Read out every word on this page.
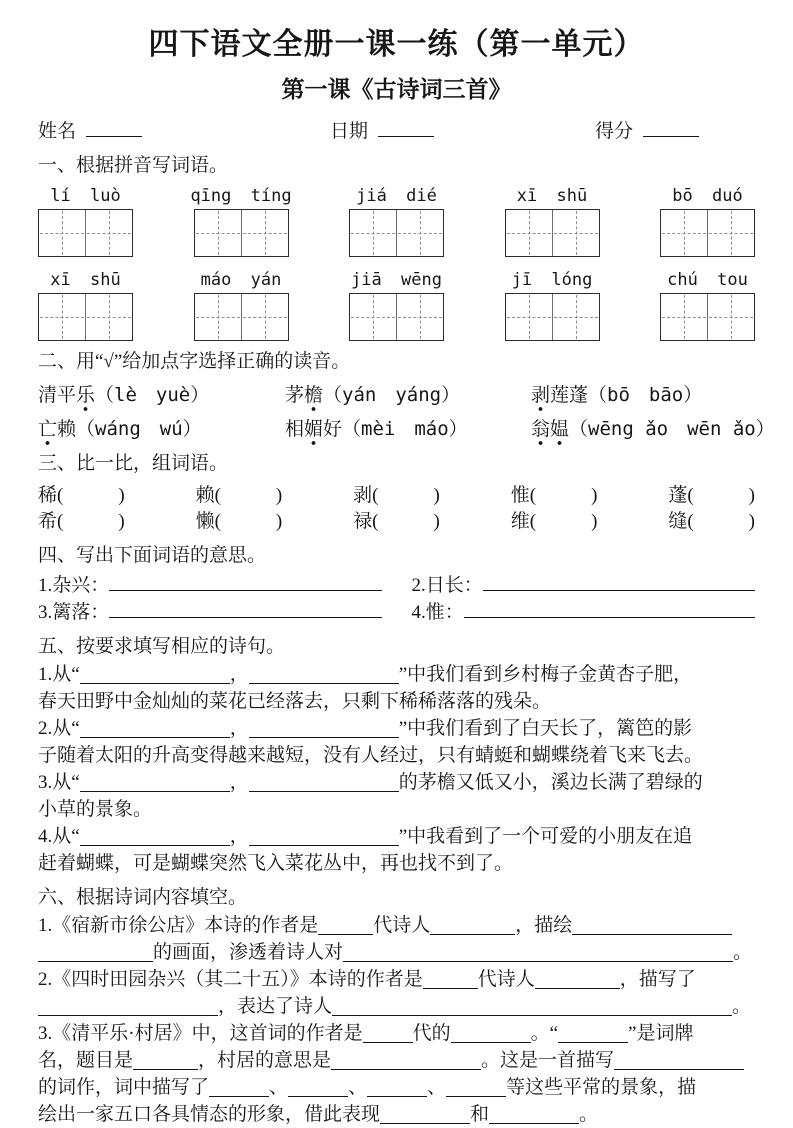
四下语文全册一课一练（第一单元）
第一课《古诗词三首》
姓名	日期	得分
一、根据拼音写词语。
lí luò	qīng tíng	jiá dié	xī shū	bō duó
xī shū	máo yán	jiā wēng	jī lóng	chú tou
二、用“√”给加点字选择正确的读音。
清平乐（lè　yuè）	茅檐（yán　yáng）	剥莲蓬（bō　bāo）
亡赖（wáng　wú）	相媚好（mèi　máo）	翁媪（wēng ǎo　wēn ǎo）
三、比一比，组词语。
稀(	)	赖(	)	剥(	)	惟(	)	蓬(	)
希(	)	懒(	)	禄(	)	维(	)	缝(	)
四、写出下面词语的意思。
1.杂兴：	2.日长：
3.篱落：	4.惟：
五、按要求填写相应的诗句。
1.从“	，	”中我们看到乡村梅子金黄杏子肥，
春天田野中金灿灿的菜花已经落去，只剩下稀稀落落的残朵。
2.从“	，	”中我们看到了白天长了，篱笆的影
子随着太阳的升高变得越来越短，没有人经过，只有蜻蜓和蝴蝶绕着飞来飞去。
3.从“	，	的茅檐又低又小，溪边长满了碧绿的
小草的景象。
4.从“	，	”中我看到了一个可爱的小朋友在追
赶着蝴蝶，可是蝴蝶突然飞入菜花丛中，再也找不到了。
六、根据诗词内容填空。
1.《宿新市徐公店》本诗的作者是	代诗人	，描绘
的画面，渗透着诗人对	。
2.《四时田园杂兴（其二十五）》本诗的作者是	代诗人	，描写了
，表达了诗人	。
3.《清平乐·村居》中，这首词的作者是	代的	。“	”是词牌
名，题目是	，村居的意思是	。这是一首描写
的词作，词中描写了	、	、	、	等这些平常的景象，描
绘出一家五口各具情态的形象，借此表现	和	。
